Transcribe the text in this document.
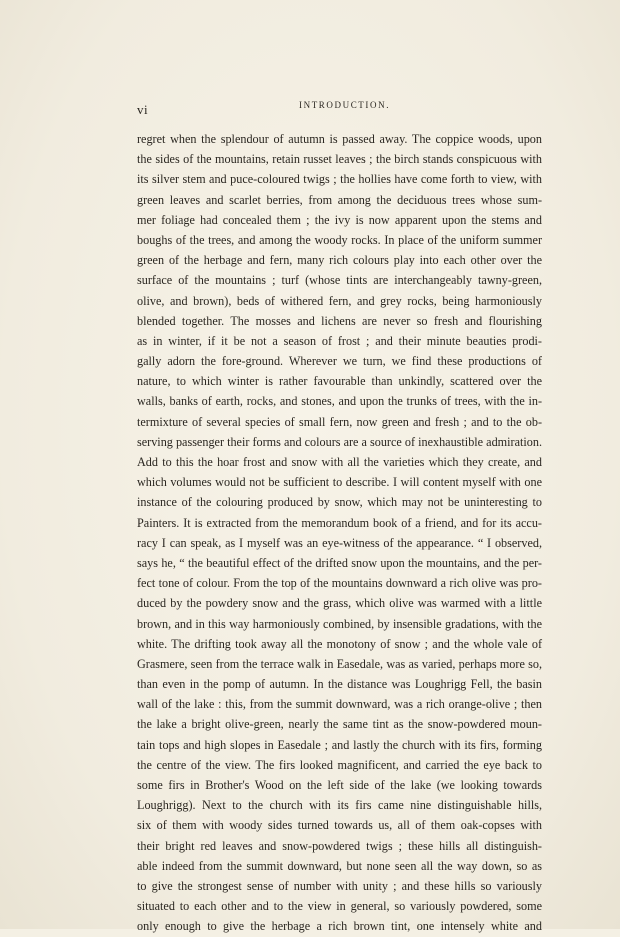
vi	INTRODUCTION.
regret when the splendour of autumn is passed away. The coppice woods, upon
the sides of the mountains, retain russet leaves ; the birch stands conspicuous with
its silver stem and puce-coloured twigs ; the hollies have come forth to view, with
green leaves and scarlet berries, from among the deciduous trees whose sum-
mer foliage had concealed them ; the ivy is now apparent upon the stems and
boughs of the trees, and among the woody rocks. In place of the uniform summer
green of the herbage and fern, many rich colours play into each other over the
surface of the mountains ; turf (whose tints are interchangeably tawny-green,
olive, and brown), beds of withered fern, and grey rocks, being harmoniously
blended together. The mosses and lichens are never so fresh and flourishing
as in winter, if it be not a season of frost ; and their minute beauties prodi-
gally adorn the fore-ground. Wherever we turn, we find these productions of
nature, to which winter is rather favourable than unkindly, scattered over the
walls, banks of earth, rocks, and stones, and upon the trunks of trees, with the in-
termixture of several species of small fern, now green and fresh ; and to the ob-
serving passenger their forms and colours are a source of inexhaustible admiration.
Add to this the hoar frost and snow with all the varieties which they create, and
which volumes would not be sufficient to describe. I will content myself with one
instance of the colouring produced by snow, which may not be uninteresting to
Painters. It is extracted from the memorandum book of a friend, and for its accu-
racy I can speak, as I myself was an eye-witness of the appearance. “ I observed,
says he, “ the beautiful effect of the drifted snow upon the mountains, and the per-
fect tone of colour. From the top of the mountains downward a rich olive was pro-
duced by the powdery snow and the grass, which olive was warmed with a little
brown, and in this way harmoniously combined, by insensible gradations, with the
white. The drifting took away all the monotony of snow ; and the whole vale of
Grasmere, seen from the terrace walk in Easedale, was as varied, perhaps more so,
than even in the pomp of autumn. In the distance was Loughrigg Fell, the basin
wall of the lake : this, from the summit downward, was a rich orange-olive ; then
the lake a bright olive-green, nearly the same tint as the snow-powdered moun-
tain tops and high slopes in Easedale ; and lastly the church with its firs, forming
the centre of the view. The firs looked magnificent, and carried the eye back to
some firs in Brother's Wood on the left side of the lake (we looking towards
Loughrigg). Next to the church with its firs came nine distinguishable hills,
six of them with woody sides turned towards us, all of them oak-copses with
their bright red leaves and snow-powdered twigs ; these hills all distinguish-
able indeed from the summit downward, but none seen all the way down, so as
to give the strongest sense of number with unity ; and these hills so variously
situated to each other and to the view in general, so variously powdered, some
only enough to give the herbage a rich brown tint, one intensely white and
